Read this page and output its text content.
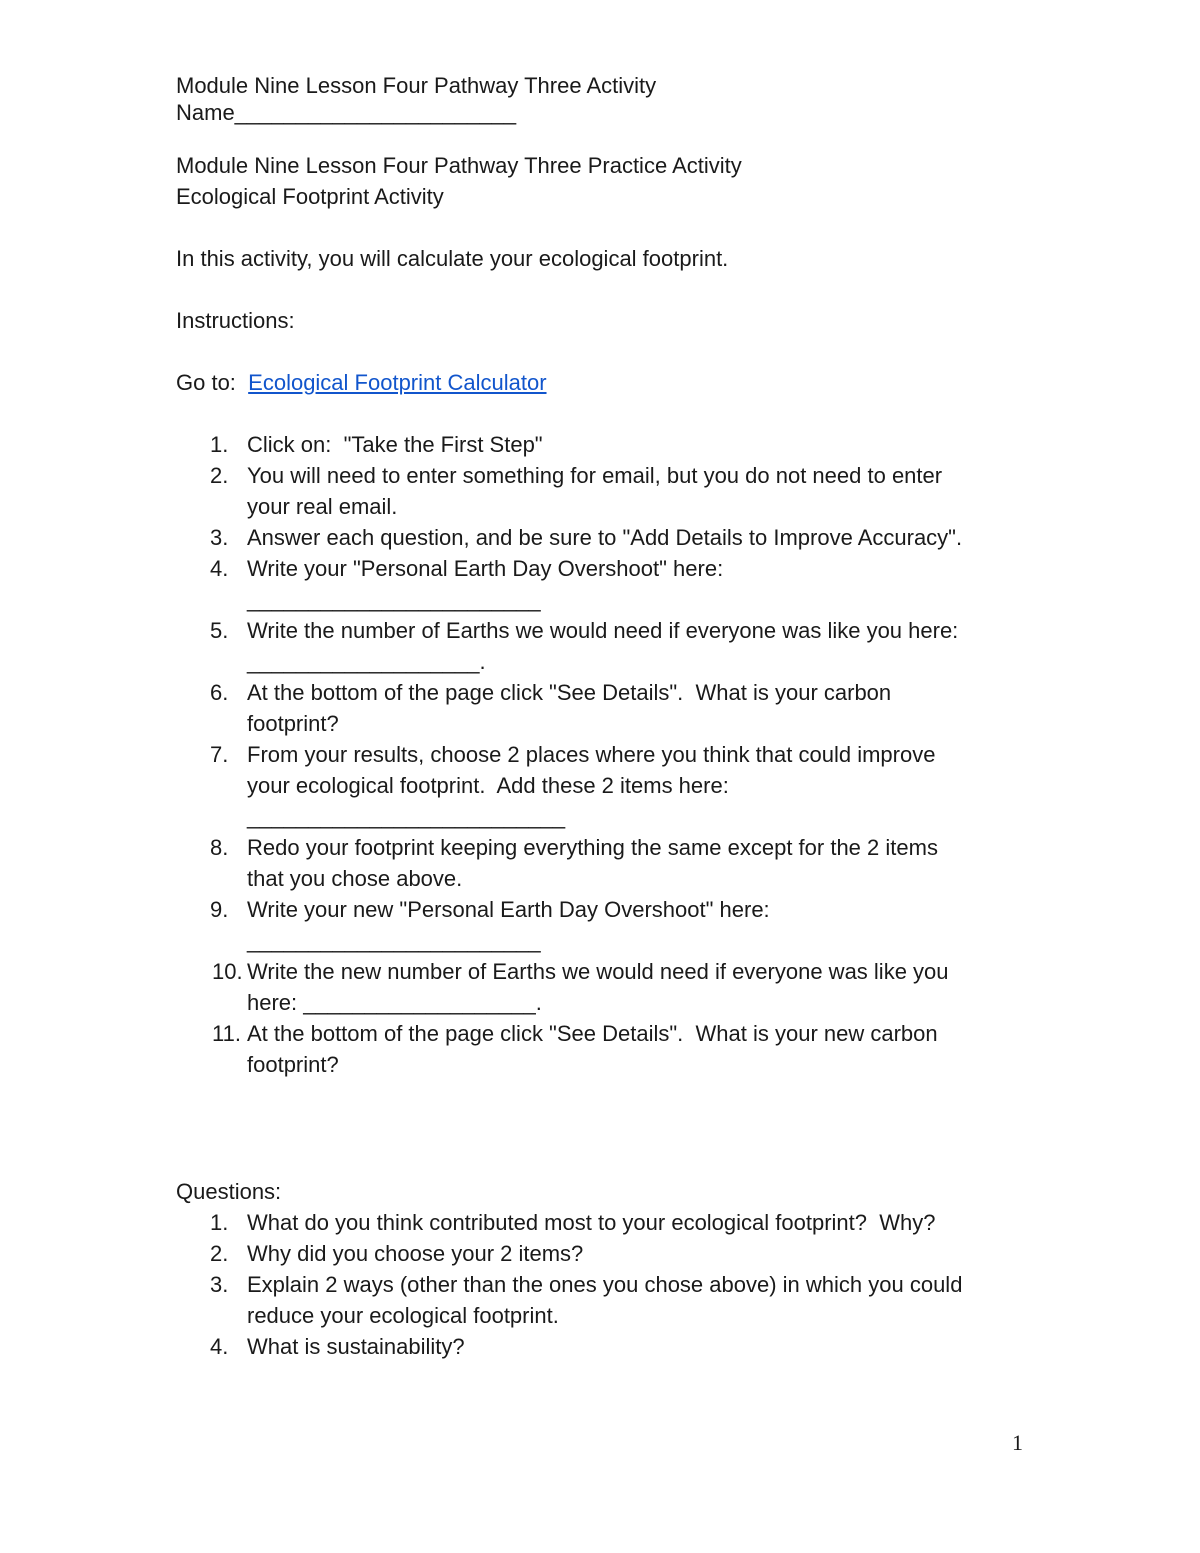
Module Nine Lesson Four Pathway Three Activity
Name_______________________
Module Nine Lesson Four Pathway Three Practice Activity
Ecological Footprint Activity
In this activity, you will calculate your ecological footprint.
Instructions:
Go to:  Ecological Footprint Calculator
1. Click on:  "Take the First Step"
2. You will need to enter something for email, but you do not need to enter
your real email.
3. Answer each question, and be sure to "Add Details to Improve Accuracy".
4. Write your "Personal Earth Day Overshoot" here:
________________________
5. Write the number of Earths we would need if everyone was like you here:
___________________.
6. At the bottom of the page click "See Details".  What is your carbon
footprint?
7. From your results, choose 2 places where you think that could improve
your ecological footprint.  Add these 2 items here:
__________________________
8. Redo your footprint keeping everything the same except for the 2 items
that you chose above.
9. Write your new "Personal Earth Day Overshoot" here:
________________________
10. Write the new number of Earths we would need if everyone was like you
here: ___________________.
11. At the bottom of the page click "See Details".  What is your new carbon
footprint?
Questions:
1. What do you think contributed most to your ecological footprint?  Why?
2. Why did you choose your 2 items?
3. Explain 2 ways (other than the ones you chose above) in which you could
reduce your ecological footprint.
4. What is sustainability?
1
